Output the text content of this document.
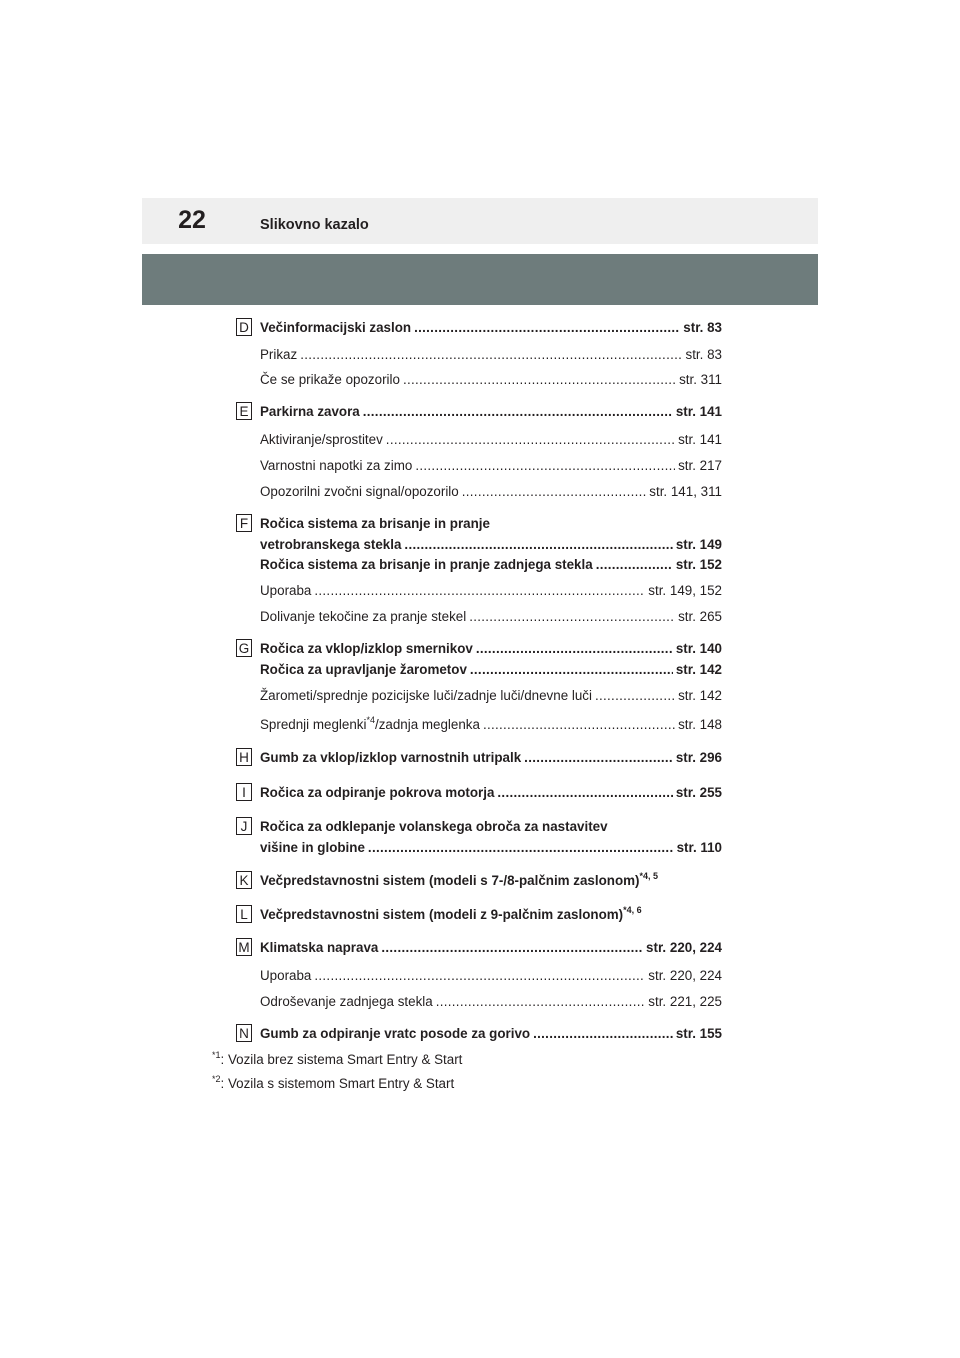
22	Slikovno kazalo
D Večinformacijski zaslon .....	str. 83
Prikaz .....	str. 83
Če se prikaže opozorilo .....	str. 311
E Parkirna zavora .....	str. 141
Aktiviranje/sprostitev .....	str. 141
Varnostni napotki za zimo .....	str. 217
Opozorilni zvočni signal/opozorilo .....	str. 141, 311
F Ročica sistema za brisanje in pranje
vetrobranskega stekla .....	str. 149
Ročica sistema za brisanje in pranje zadnjega stekla .....	str. 152
Uporaba .....	str. 149, 152
Dolivanje tekočine za pranje stekel .....	str. 265
G Ročica za vklop/izklop smernikov .....	str. 140
Ročica za upravljanje žarometov .....	str. 142
Žarometi/sprednje pozicijske luči/zadnje luči/dnevne luči .....	str. 142
Sprednji meglenki$^{*4}$/zadnja meglenka .....	str. 148
H Gumb za vklop/izklop varnostnih utripalk .....	str. 296
I	Ročica za odpiranje pokrova motorja .....	str. 255
J Ročica za odklepanje volanskega obroča za nastavitev
višine in globine .....	str. 110
K Večpredstavnostni sistem (modeli s 7-/8-palčnim zaslonom)$^{*4, 5}$
L Večpredstavnostni sistem (modeli z 9-palčnim zaslonom)$^{*4, 6}$
M Klimatska naprava .....	str. 220, 224
Uporaba .....	str. 220, 224
Odroševanje zadnjega stekla .....	str. 221, 225
N Gumb za odpiranje vratc posode za gorivo .....	str. 155
$^{*1}$: Vozila brez sistema Smart Entry & Start
$^{*2}$: Vozila s sistemom Smart Entry & Start
